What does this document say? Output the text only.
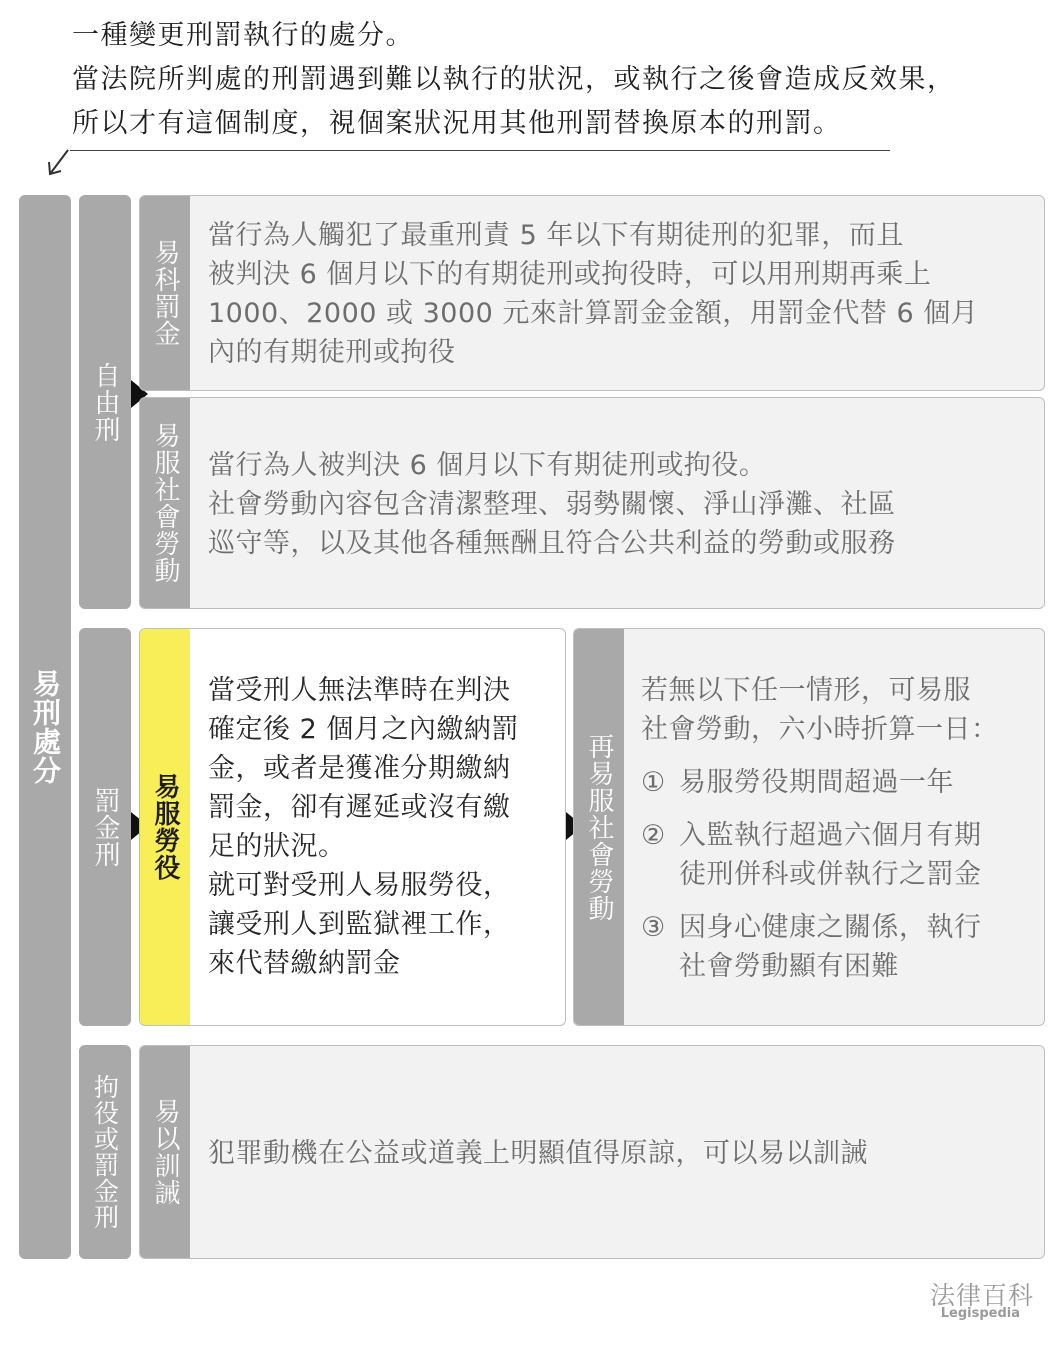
一種變更刑罰執行的處分。
當法院所判處的刑罰遇到難以執行的狀況，或執行之後會造成反效果，
所以才有這個制度，視個案狀況用其他刑罰替換原本的刑罰。
易刑處分
自由刑
易科罰金

當行為人觸犯了最重刑責 5 年以下有期徒刑的犯罪，而且
被判決 6 個月以下的有期徒刑或拘役時，可以用刑期再乘上
1000、2000 或 3000 元來計算罰金金額，用罰金代替 6 個月
內的有期徒刑或拘役

易服社會勞動 當行為人被判決 6 個月以下有期徒刑或拘役。
社會勞動內容包含清潔整理、弱勢關懷、淨山淨灘、社區
巡守等，以及其他各種無酬且符合公共利益的勞動或服務

罰金刑 易服勞役

當受刑人無法準時在判決
確定後 2 個月之內繳納罰
金，或者是獲准分期繳納
罰金，卻有遲延或沒有繳
足的狀況。
就可對受刑人易服勞役，
讓受刑人到監獄裡工作，
來代替繳納罰金

再易服社會勞動

若無以下任一情形，可易服
社會勞動，六小時折算一日：

① 易服勞役期間超過一年
② 入監執行超過六個月有期
徒刑併科或併執行之罰金
③ 因身心健康之關係，執行
社會勞動顯有困難
拘役或罰金刑 易以訓誡 犯罪動機在公益或道義上明顯值得原諒，可以易以訓誡

法律百科
Legispedia
